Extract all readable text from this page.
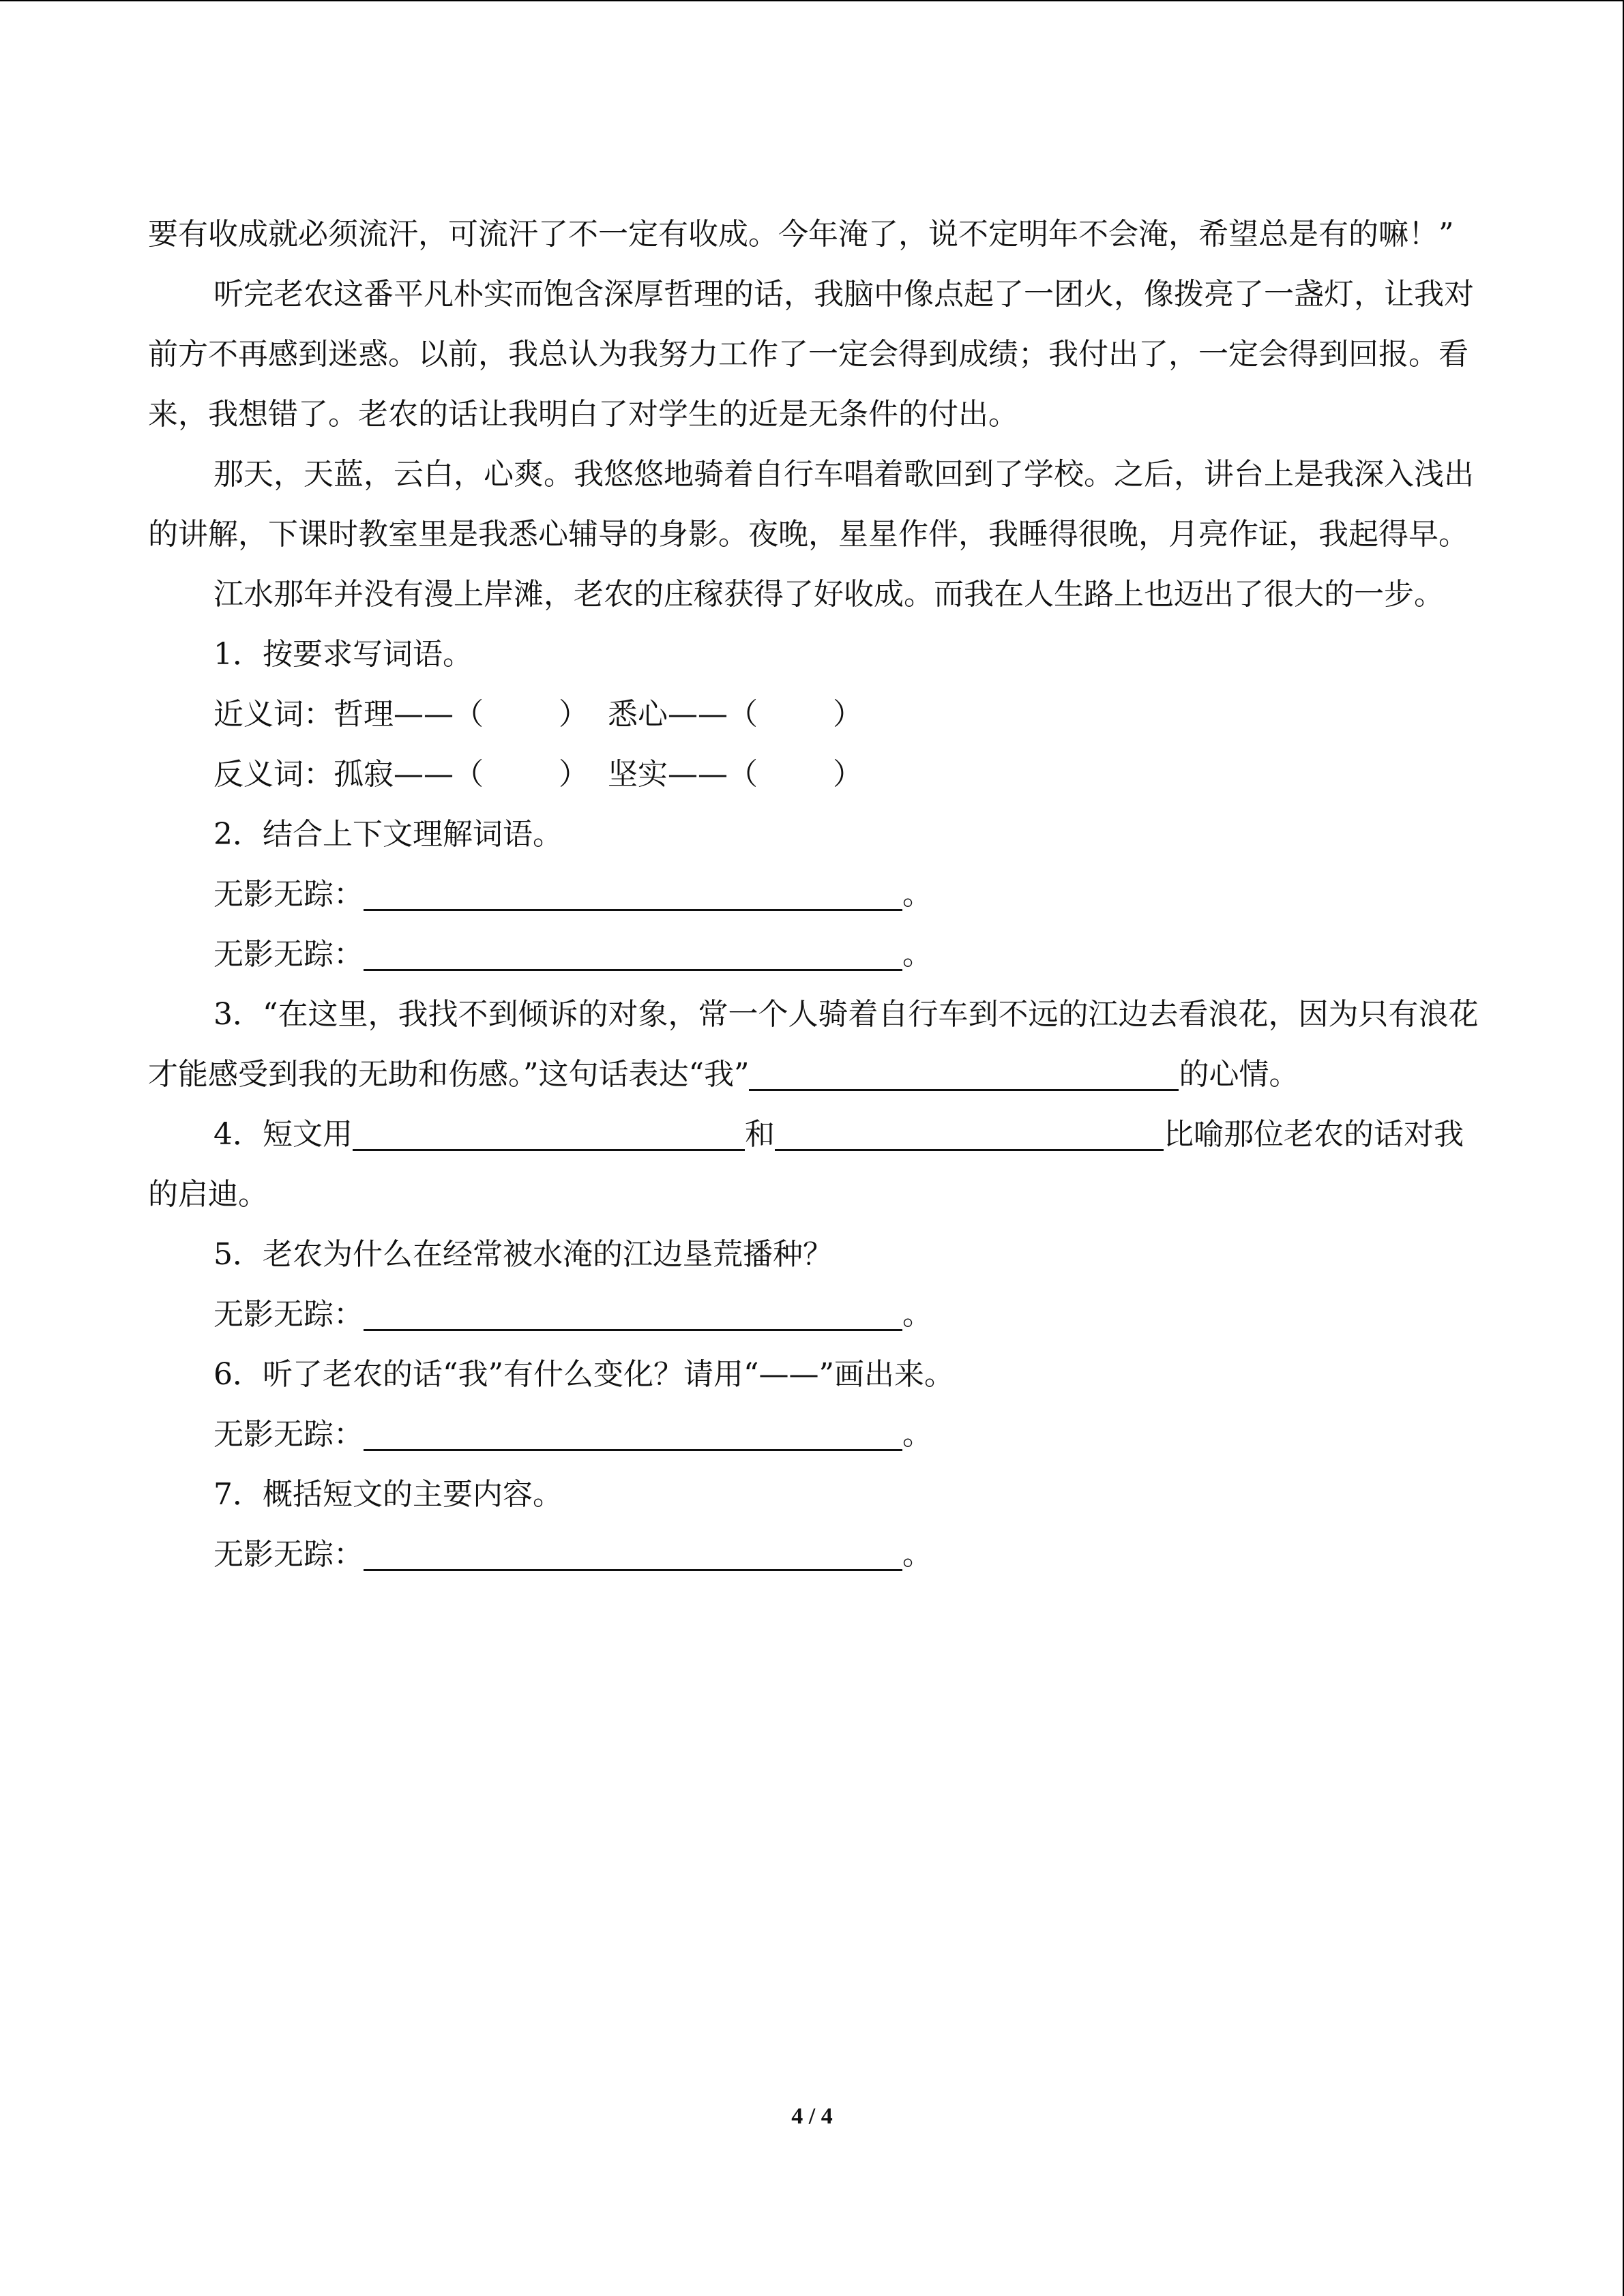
要有收成就必须流汗，可流汗了不一定有收成。今年淹了，说不定明年不会淹，希望总是有的嘛！”

听完老农这番平凡朴实而饱含深厚哲理的话，我脑中像点起了一团火，像拨亮了一盏灯，让我对前方不再感到迷惑。以前，我总认为我努力工作了一定会得到成绩；我付出了，一定会得到回报。看来，我想错了。老农的话让我明白了对学生的近是无条件的付出。

那天，天蓝，云白，心爽。我悠悠地骑着自行车唱着歌回到了学校。之后，讲台上是我深入浅出的讲解，下课时教室里是我悉心辅导的身影。夜晚，星星作伴，我睡得很晚，月亮作证，我起得早。

江水那年并没有漫上岸滩，老农的庄稼获得了好收成。而我在人生路上也迈出了很大的一步。

1．按要求写词语。

近义词：哲理——（	） 悉心——（	）

反义词：孤寂——（	） 坚实——（	）

2．结合上下文理解词语。

无影无踪：	。

无影无踪：	。

3．“在这里，我找不到倾诉的对象，常一个人骑着自行车到不远的江边去看浪花，因为只有浪花才能感受到我的无助和伤感。”这句话表达“我”	的心情。

4．短文用	和	比喻那位老农的话对我的启迪。

5．老农为什么在经常被水淹的江边垦荒播种？

无影无踪：	。

6．听了老农的话“我”有什么变化？请用“——”画出来。

无影无踪：	。

7．概括短文的主要内容。

无影无踪：	。

4 / 4
